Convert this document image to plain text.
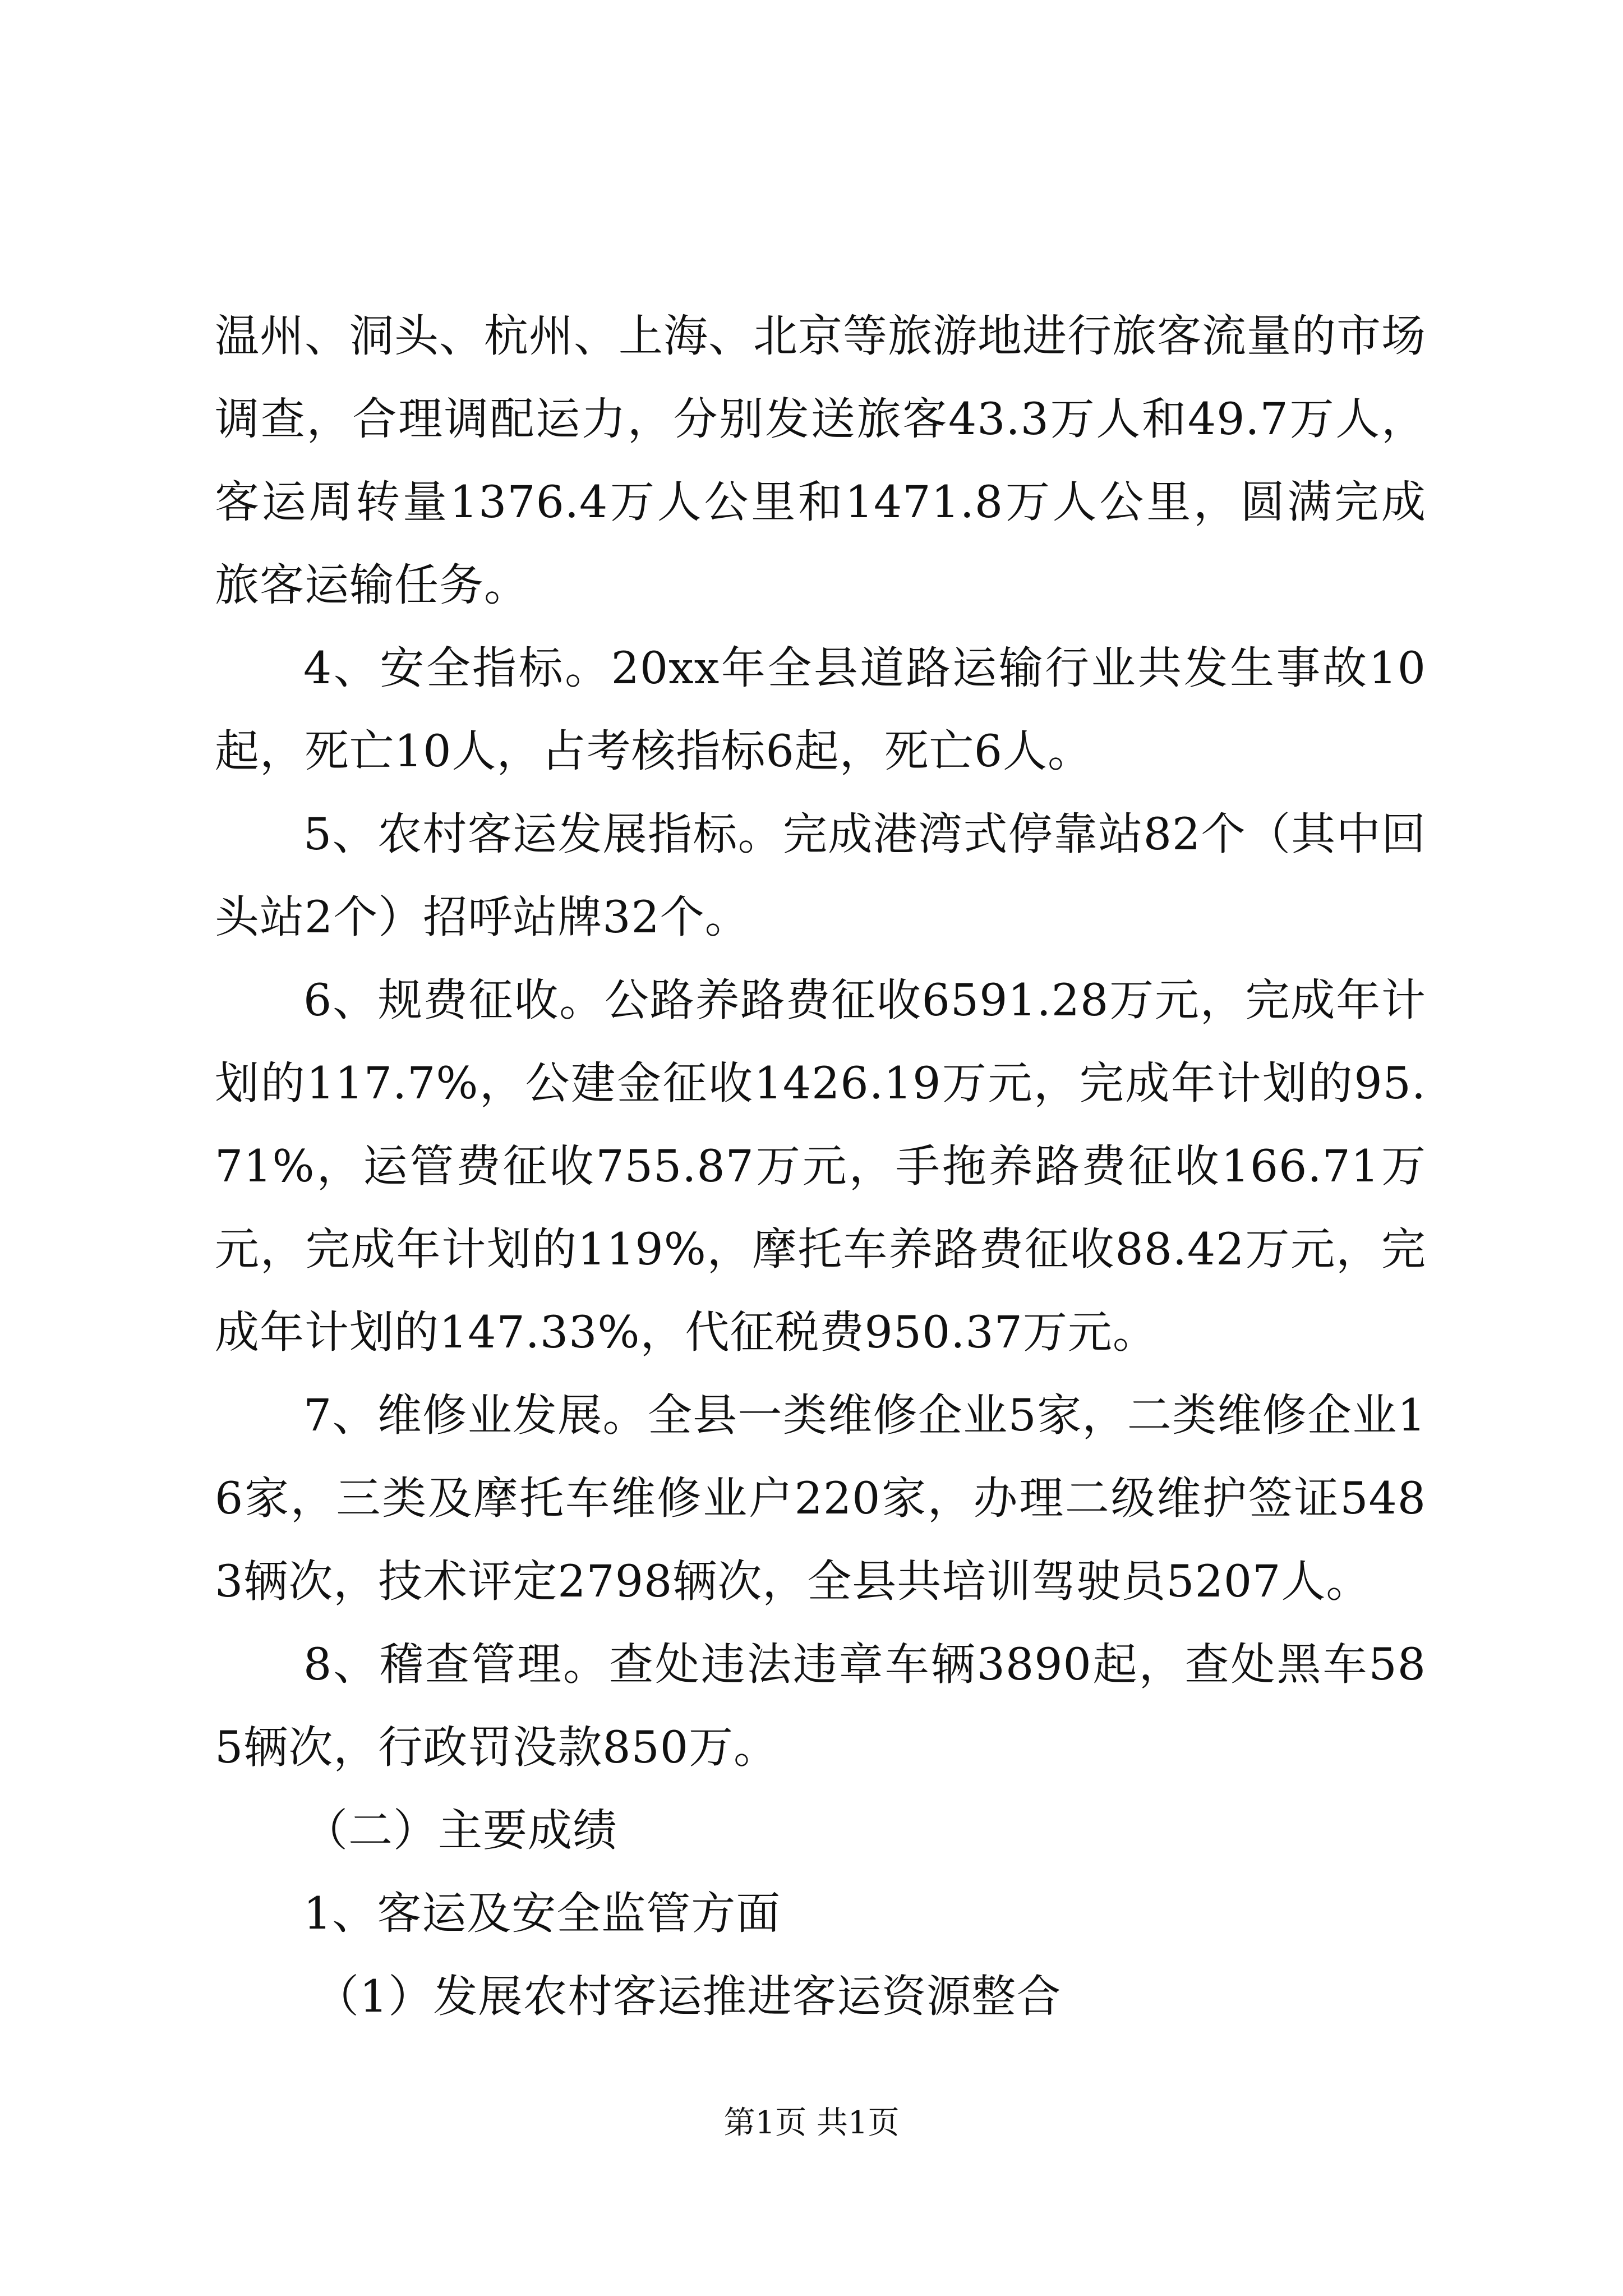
温州、洞头、杭州、上海、北京等旅游地进行旅客流量的市场调查，合理调配运力，分别发送旅客43.3万人和49.7万人，客运周转量1376.4万人公里和1471.8万人公里，圆满完成旅客运输任务。

4、安全指标。20xx年全县道路运输行业共发生事故10起，死亡10人，占考核指标6起，死亡6人。

5、农村客运发展指标。完成港湾式停靠站82个（其中回头站2个）招呼站牌32个。

6、规费征收。公路养路费征收6591.28万元，完成年计划的117.7%，公建金征收1426.19万元，完成年计划的95.71%，运管费征收755.87万元，手拖养路费征收166.71万元，完成年计划的119%，摩托车养路费征收88.42万元，完成年计划的147.33%，代征税费950.37万元。

7、维修业发展。全县一类维修企业5家，二类维修企业16家，三类及摩托车维修业户220家，办理二级维护签证5483辆次，技术评定2798辆次，全县共培训驾驶员5207人。

8、稽查管理。查处违法违章车辆3890起，查处黑车585辆次，行政罚没款850万。

（二）主要成绩

1、客运及安全监管方面

（1）发展农村客运推进客运资源整合

第1页 共1页
